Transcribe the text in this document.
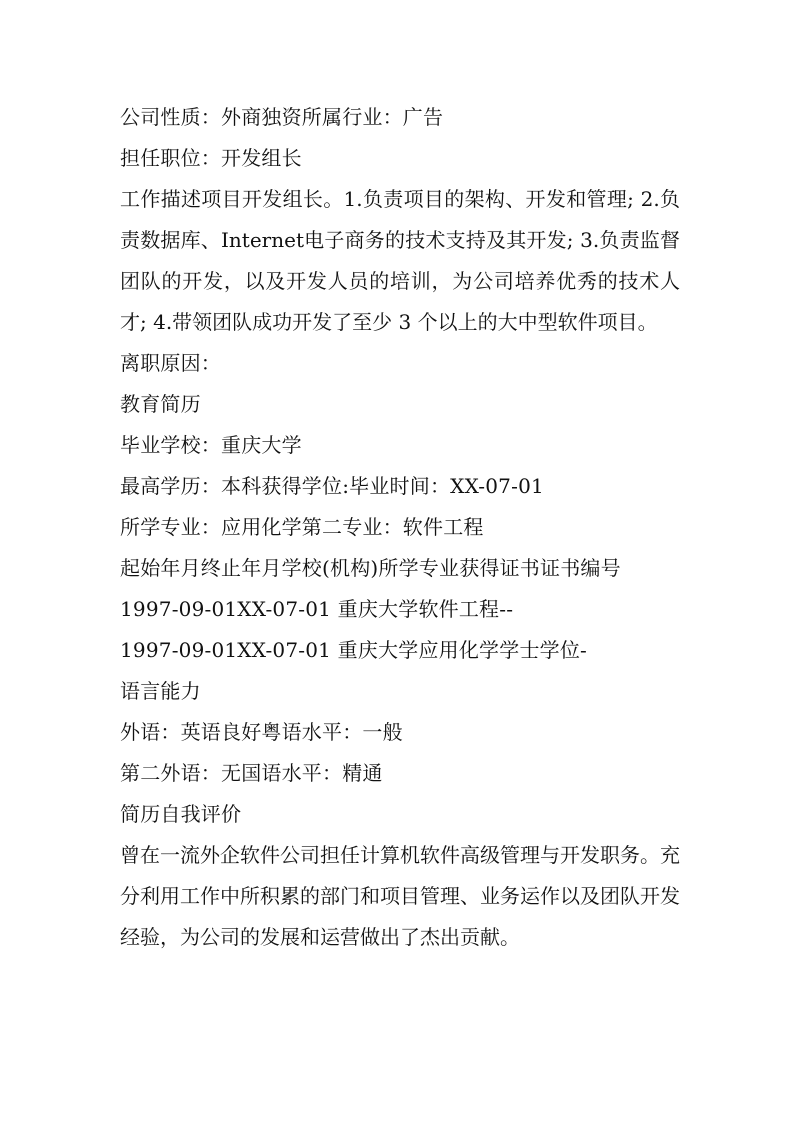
公司性质：外商独资所属行业：广告
担任职位：开发组长
工作描述项目开发组长。1.负责项目的架构、开发和管理; 2.负责数据库、Internet电子商务的技术支持及其开发; 3.负责监督团队的开发，以及开发人员的培训，为公司培养优秀的技术人才; 4.带领团队成功开发了至少 3 个以上的大中型软件项目。
离职原因：
教育简历
毕业学校：重庆大学
最高学历：本科获得学位:毕业时间：XX-07-01
所学专业：应用化学第二专业：软件工程
起始年月终止年月学校(机构)所学专业获得证书证书编号
1997-09-01XX-07-01 重庆大学软件工程--
1997-09-01XX-07-01 重庆大学应用化学学士学位-
语言能力
外语：英语良好粤语水平：一般
第二外语：无国语水平：精通
简历自我评价
曾在一流外企软件公司担任计算机软件高级管理与开发职务。充分利用工作中所积累的部门和项目管理、业务运作以及团队开发经验，为公司的发展和运营做出了杰出贡献。
